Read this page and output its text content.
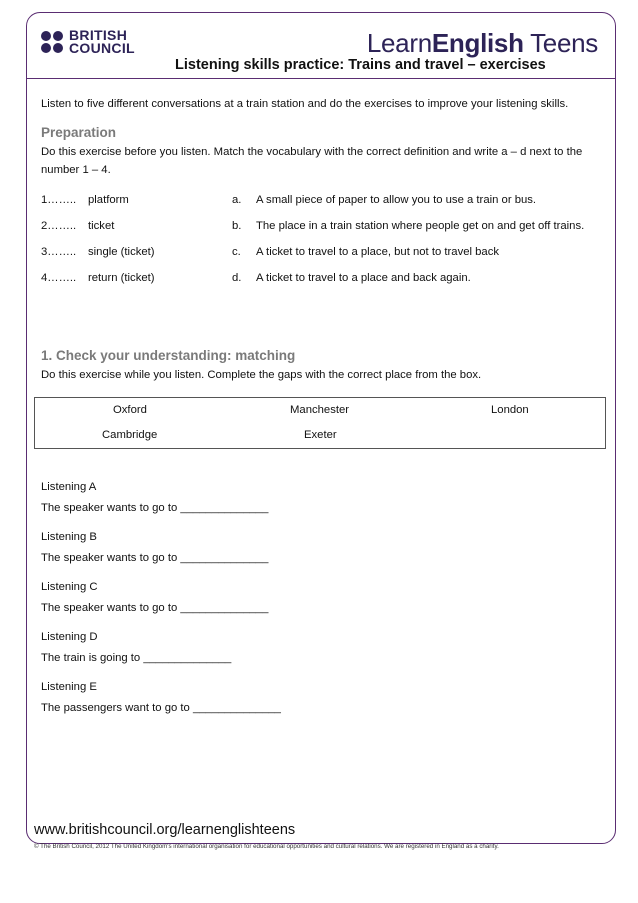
BRITISH
COUNCIL	LearnEnglish Teens
Listening skills practice: Trains and travel – exercises
Listen to five different conversations at a train station and do the exercises to improve your listening skills.
Preparation
Do this exercise before you listen. Match the vocabulary with the correct definition and write a – d next to the number 1 – 4.
1…….. platform	a. A small piece of paper to allow you to use a train or bus.
2…….. ticket	b. The place in a train station where people get on and get off trains.
3…….. single (ticket)	c. A ticket to travel to a place, but not to travel back
4…….. return (ticket)	d. A ticket to travel to a place and back again.
1. Check your understanding: matching
Do this exercise while you listen. Complete the gaps with the correct place from the box.
Oxford	Manchester	London
Cambridge	Exeter
Listening A
The speaker wants to go to ______________
Listening B
The speaker wants to go to ______________
Listening C
The speaker wants to go to ______________
Listening D
The train is going to ______________
Listening E
The passengers want to go to ______________
www.britishcouncil.org/learnenglishteens
© The British Council, 2012 The United Kingdom's international organisation for educational opportunities and cultural relations. We are registered in England as a charity.
